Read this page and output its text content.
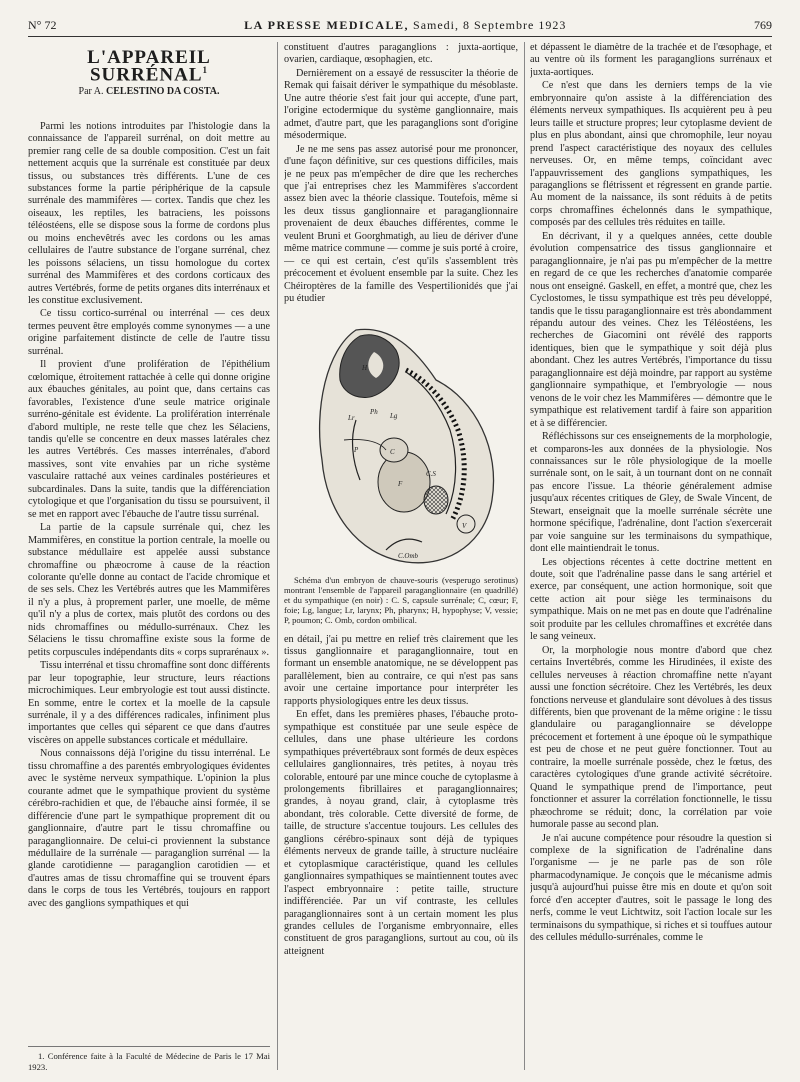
N° 72	LA PRESSE MEDICALE, Samedi, 8 Septembre 1923	769
L'APPAREIL SURRÉNAL$^1$
Par A. CELESTINO DA COSTA.

Parmi les notions introduites par l'histologie dans la connaissance de l'appareil surrénal, on doit mettre au premier rang celle de sa double composition. C'est un fait nettement acquis que la surrénale est constituée par deux tissus, ou substances très différents. L'une de ces substances forme la partie périphérique de la capsule surrénale des mammifères — cortex. Tandis que chez les oiseaux, les reptiles, les batraciens, les poissons téléostéens, elle se dispose sous la forme de cordons plus ou moins enchevêtrés avec les cordons ou les amas cellulaires de l'autre substance de l'organe surrénal, chez les poissons sélaciens, un tissu homologue du cortex surrénal des Mammifères et des cordons corticaux des autres Vertébrés, forme de petits organes dits interrénaux et les constitue exclusivement.

Ce tissu cortico-surrénal ou interrénal — ces deux termes peuvent être employés comme synonymes — a une origine parfaitement distincte de celle de l'autre tissu surrénal.

Il provient d'une prolifération de l'épithélium cœlomique, étroitement rattachée à celle qui donne origine aux ébauches génitales, au point que, dans certains cas favorables, l'existence d'une seule matrice originale surréno-génitale est évidente. La prolifération interrénale d'abord multiple, ne reste telle que chez les Sélaciens, tandis qu'elle se concentre en deux masses latérales chez les autres Vertébrés. Ces masses interrénales, d'abord massives, sont vite envahies par un riche système vasculaire rattaché aux veines cardinales postérieures et subcardinales. Dans la suite, tandis que la différenciation cytologique et que l'organisation du tissu se poursuivent, il se met en rapport avec l'ébauche de l'autre tissu surrénal.

La partie de la capsule surrénale qui, chez les Mammifères, en constitue la portion centrale, la moelle ou substance médullaire est appelée aussi substance chromaffine ou phæocrome à cause de la réaction colorante qu'elle donne au contact de l'acide chromique et de ses sels. Chez les Vertébrés autres que les Mammifères il n'y a plus, à proprement parler, une moelle, de même qu'il n'y a plus de cortex, mais plutôt des cordons ou des nids chromaffines ou médullo-surrénaux. Chez les Sélaciens le tissu chromaffine existe sous la forme de petits corpuscules indépendants dits « corps suprarénaux ».

Tissu interrénal et tissu chromaffine sont donc différents par leur topographie, leur structure, leurs réactions microchimiques. Leur embryologie est tout aussi distincte. En somme, entre le cortex et la moelle de la capsule surrénale, il y a des différences radicales, infiniment plus importantes que celles qui séparent ce que dans d'autres viscères on appelle substances corticale et médullaire.

Nous connaissons déjà l'origine du tissu interrénal. Le tissu chromaffine a des parentés embryologiques évidentes avec le système nerveux sympathique. L'opinion la plus courante admet que le sympathique provient du système cérébro-rachidien et que, de l'ébauche ainsi formée, il se différencie d'une part le sympathique proprement dit ou ganglionnaire, d'autre part le tissu chromaffine ou paraganglionnaire. De celui-ci proviennent la substance médullaire de la surrénale — paraganglion surrénal — la glande carotidienne — paraganglion carotidien — et d'autres amas de tissu chromaffine qui se trouvent épars dans le corps de tous les Vertébrés, toujours en rapport avec des ganglions sympathiques et qui

1. Conférence faite à la Faculté de Médecine de Paris le 17 Mai 1923.

constituent d'autres paraganglions : juxta-aortique, ovarien, cardiaque, œsophagien, etc.

Dernièrement on a essayé de ressusciter la théorie de Remak qui faisait dériver le sympathique du mésoblaste. Une autre théorie s'est fait jour qui accepte, d'une part, l'origine ectodermique du système ganglionnaire, mais admet, d'autre part, que les paraganglions sont d'origine mésodermique.

Je ne me sens pas assez autorisé pour me prononcer, d'une façon définitive, sur ces questions difficiles, mais je ne peux pas m'empêcher de dire que les recherches que j'ai entreprises chez les Mammifères s'accordent assez bien avec la théorie classique. Toutefois, même si les deux tissus ganglionnaire et paraganglionnaire provenaient de deux ébauches différentes, comme le veulent Bruni et Goorghmatigh, au lieu de dériver d'une même matrice commune — comme je suis porté à croire, — ce qui est certain, c'est qu'ils s'assemblent très précocement et évoluent ensemble par la suite. Chez les Chéiroptères de la famille des Vespertilionidés que j'ai pu étudier

H
Ph
Lr	Lg
P	C
F
C.S
V
C.Omb

Schéma d'un embryon de chauve-souris (vesperugo serotinus) montrant l'ensemble de l'appareil paraganglionnaire (en quadrillé) et du sympathique (en noir) : C. S, capsule surrénale; C, cœur; F, foie; Lg, langue; Lr, larynx; Ph, pharynx; H, hypophyse; V, vessie; P, poumon; C. Omb, cordon ombilical.

en détail, j'ai pu mettre en relief très clairement que les tissus ganglionnaire et paraganglionnaire, tout en formant un ensemble anatomique, ne se développent pas parallèlement, bien au contraire, ce qui n'est pas sans avoir une certaine importance pour interpréter les rapports physiologiques entre les deux tissus.

En effet, dans les premières phases, l'ébauche proto-sympathique est constituée par une seule espèce de cellules, dans une phase ultérieure les cordons sympathiques prévertébraux sont formés de deux espèces cellulaires ganglionnaires, très petites, à noyau très colorable, entouré par une mince couche de cytoplasme à prolongements fibrillaires et paraganglionnaires; grandes, à noyau grand, clair, à cytoplasme très abondant, très colorable. Cette diversité de forme, de taille, de structure s'accentue toujours. Les cellules des ganglions cérébro-spinaux sont déjà de typiques éléments nerveux de grande taille, à structure nucléaire et cytoplasmique caractéristique, quand les cellules ganglionnaires sympathiques se maintiennent toutes avec l'aspect embryonnaire : petite taille, structure indifférenciée. Par un vif contraste, les cellules paraganglionnaires sont à un certain moment les plus grandes cellules de l'organisme embryonnaire, elles constituent de gros paraganglions, surtout au cou, où ils atteignent

et dépassent le diamètre de la trachée et de l'œsophage, et au ventre où ils forment les paraganglions surrénaux et juxta-aortiques.

Ce n'est que dans les derniers temps de la vie embryonnaire qu'on assiste à la différenciation des éléments nerveux sympathiques. Ils acquièrent peu à peu leurs taille et structure propres; leur cytoplasme devient de plus en plus abondant, ainsi que chromophile, leur noyau prend l'aspect caractéristique des noyaux des cellules nerveuses. Or, en même temps, coïncidant avec l'appauvrissement des ganglions sympathiques, les paraganglions se flétrissent et régressent en grande partie. Au moment de la naissance, ils sont réduits à de petits corps chromaffines échelonnés dans le sympathique, composés par des cellules très réduites en taille.

En décrivant, il y a quelques années, cette double évolution compensatrice des tissus ganglionnaire et paraganglionnaire, je n'ai pas pu m'empêcher de la mettre en regard de ce que les recherches d'anatomie comparée nous ont enseigné. Gaskell, en effet, a montré que, chez les Cyclostomes, le tissu sympathique est très peu développé, tandis que le tissu paraganglionnaire est très abondamment répandu autour des veines. Chez les Téléostéens, les recherches de Giacomini ont révélé des rapports identiques, bien que le sympathique y soit déjà plus abondant. Chez les autres Vertébrés, l'importance du tissu paraganglionnaire est déjà moindre, par rapport au système ganglionnaire sympathique, et l'embryologie — nous venons de le voir chez les Mammifères — démontre que le sympathique est relativement tardif à faire son apparition et à se différencier.

Réfléchissons sur ces enseignements de la morphologie, et comparons-les aux données de la physiologie. Nos connaissances sur le rôle physiologique de la moelle surrénale sont, on le sait, à un tournant dont on ne connaît pas encore l'issue. La théorie généralement admise jusqu'aux récentes critiques de Gley, de Swale Vincent, de Stewart, enseignait que la moelle surrénale sécrète une hormone spécifique, l'adrénaline, dont l'action s'exercerait par voie sanguine sur les terminaisons du sympathique, dont elle maintiendrait le tonus.

Les objections récentes à cette doctrine mettent en doute, soit que l'adrénaline passe dans le sang artériel et exerce, par conséquent, une action hormonique, soit que cette action ait pour siège les terminaisons du sympathique. Mais on ne met pas en doute que l'adrénaline soit produite par les cellules chromaffines et excrétée dans le sang veineux.

Or, la morphologie nous montre d'abord que chez certains Invertébrés, comme les Hirudinées, il existe des cellules nerveuses à réaction chromaffine nette n'ayant aussi une fonction sécrétoire. Chez les Vertébrés, les deux fonctions nerveuse et glandulaire sont dévolues à des tissus différents, bien que provenant de la même origine : le tissu glandulaire ou paraganglionnaire se développe précocement et fortement à une époque où le sympathique est peu de chose et ne peut guère fonctionner. Tout au contraire, la moelle surrénale possède, chez le fœtus, des caractères cytologiques d'une grande activité sécrétoire. Quand le sympathique prend de l'importance, peut fonctionner et assurer la corrélation fonctionnelle, le tissu phæochrome se réduit; donc, la corrélation par voie humorale passe au second plan.

Je n'ai aucune compétence pour résoudre la question si complexe de la signification de l'adrénaline dans l'organisme — je ne parle pas de son rôle pharmacodynamique. Je conçois que le mécanisme admis jusqu'à aujourd'hui puisse être mis en doute et qu'on soit forcé d'en accepter d'autres, soit le passage le long des nerfs, comme le veut Lichtwitz, soit l'action locale sur les terminaisons du sympathique, si riches et si touffues autour des cellules médullo-surrénales, comme le
